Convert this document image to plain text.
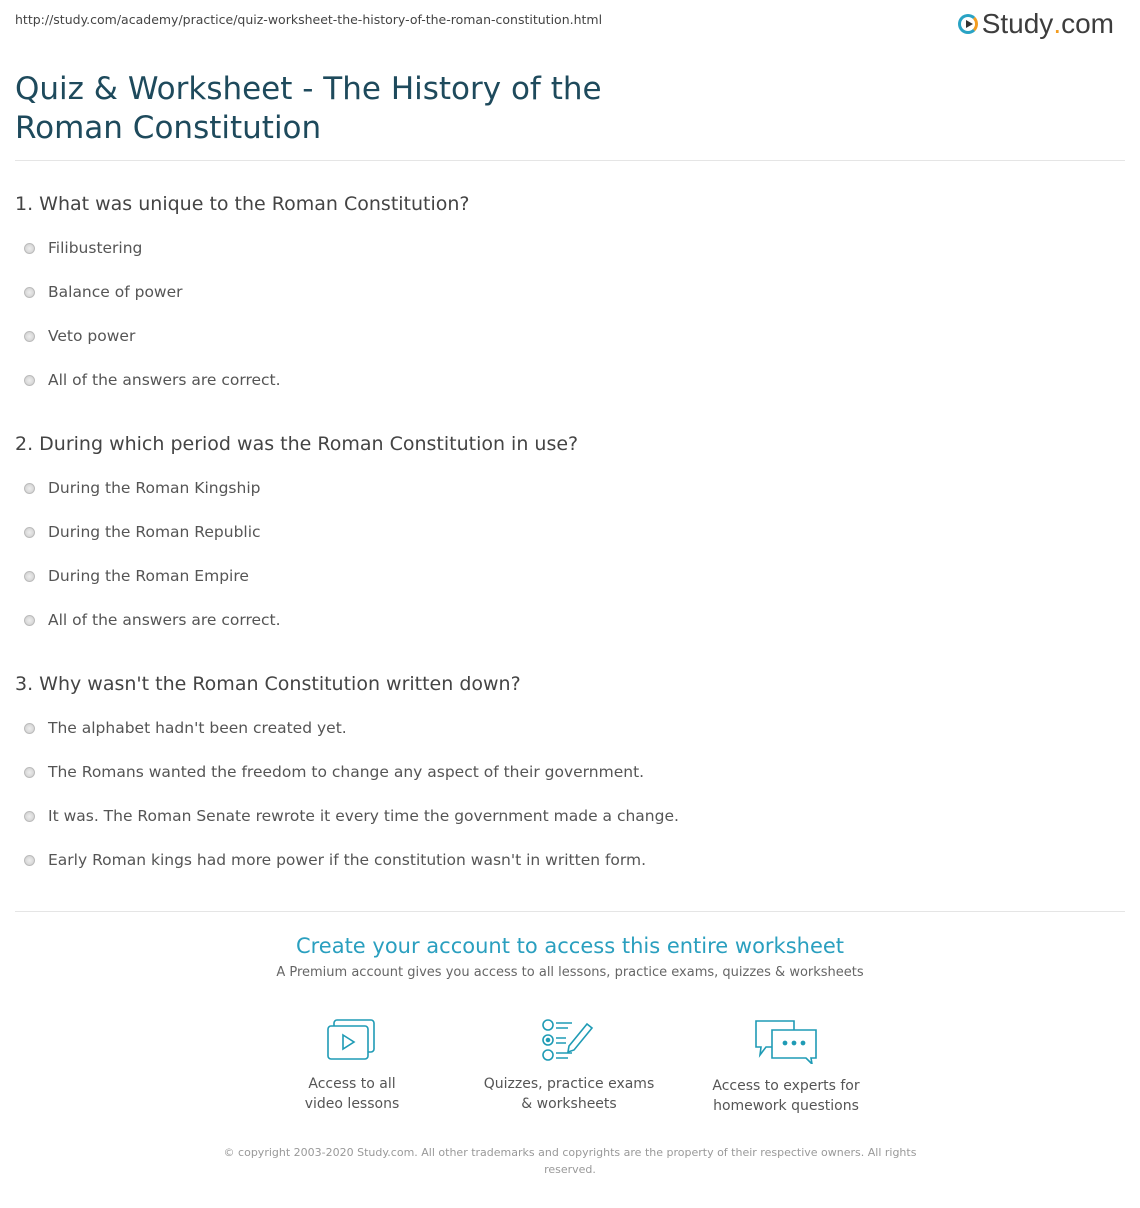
http://study.com/academy/practice/quiz-worksheet-the-history-of-the-roman-constitution.html	Study . com
Quiz & Worksheet - The History of the Roman Constitution
1. What was unique to the Roman Constitution?
Filibustering
Balance of power
Veto power
All of the answers are correct.
2. During which period was the Roman Constitution in use?
During the Roman Kingship
During the Roman Republic
During the Roman Empire
All of the answers are correct.
3. Why wasn't the Roman Constitution written down?
The alphabet hadn't been created yet.
The Romans wanted the freedom to change any aspect of their government.
It was. The Roman Senate rewrote it every time the government made a change.
Early Roman kings had more power if the constitution wasn't in written form.
Create your account to access this entire worksheet
A Premium account gives you access to all lessons, practice exams, quizzes & worksheets
Access to all
video lessons
Quizzes, practice exams
& worksheets
Access to experts for
homework questions
© copyright 2003-2020 Study.com. All other trademarks and copyrights are the property of their respective owners. All rights reserved.
